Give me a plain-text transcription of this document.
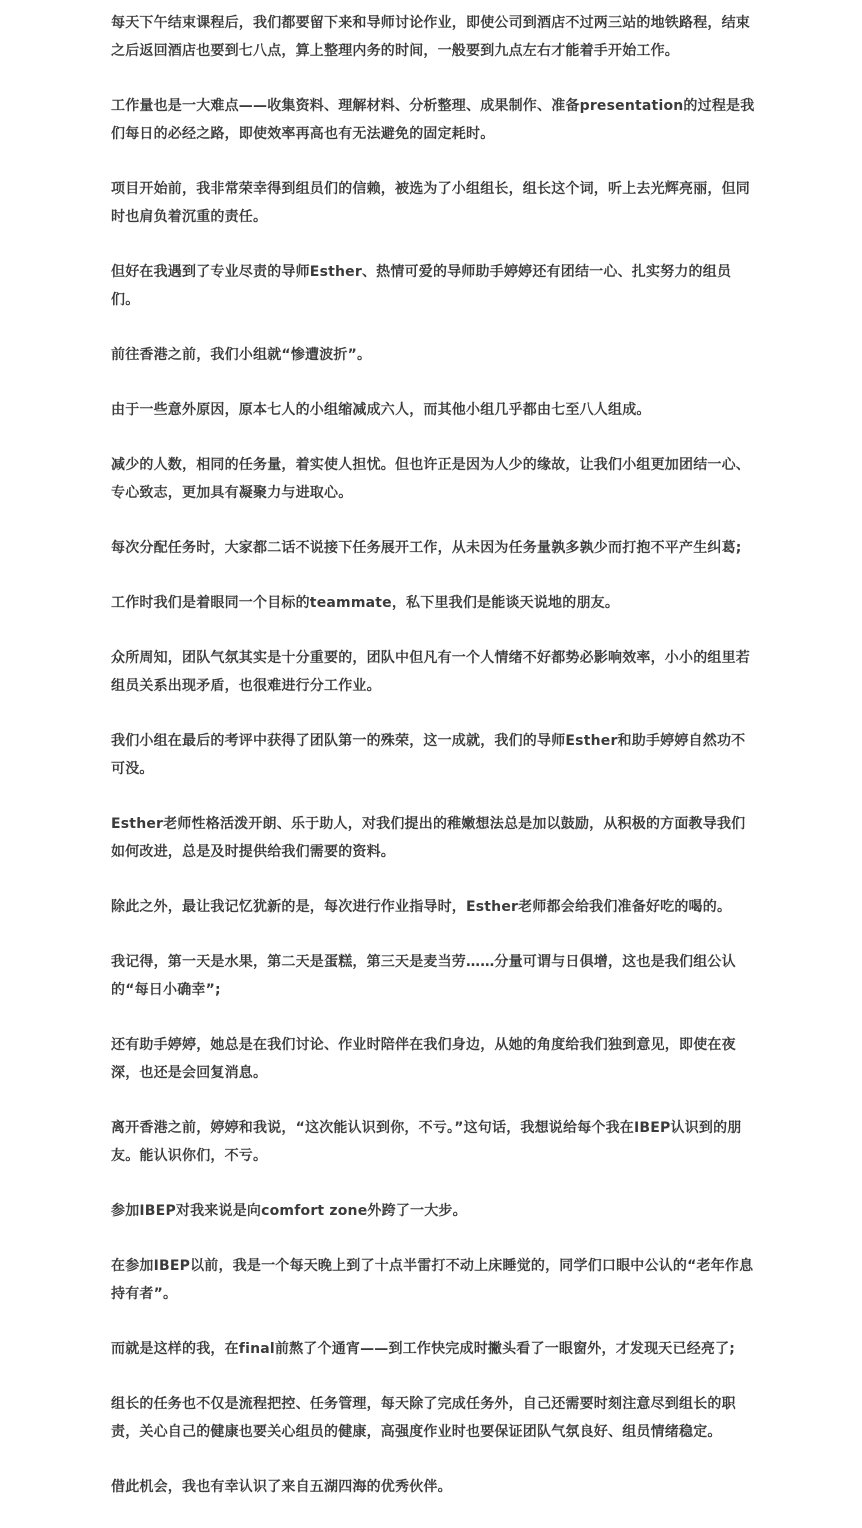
每天下午结束课程后，我们都要留下来和导师讨论作业，即使公司到酒店不过两三站的地铁路程，结束之后返回酒店也要到七八点，算上整理内务的时间，一般要到九点左右才能着手开始工作。

工作量也是一大难点——收集资料、理解材料、分析整理、成果制作、准备presentation的过程是我们每日的必经之路，即使效率再高也有无法避免的固定耗时。

项目开始前，我非常荣幸得到组员们的信赖，被选为了小组组长，组长这个词，听上去光辉亮丽，但同时也肩负着沉重的责任。

但好在我遇到了专业尽责的导师Esther、热情可爱的导师助手婷婷还有团结一心、扎实努力的组员们。

前往香港之前，我们小组就“惨遭波折”。

由于一些意外原因，原本七人的小组缩减成六人，而其他小组几乎都由七至八人组成。

减少的人数，相同的任务量，着实使人担忧。但也许正是因为人少的缘故，让我们小组更加团结一心、专心致志，更加具有凝聚力与进取心。

每次分配任务时，大家都二话不说接下任务展开工作，从未因为任务量孰多孰少而打抱不平产生纠葛;

工作时我们是着眼同一个目标的teammate，私下里我们是能谈天说地的朋友。

众所周知，团队气氛其实是十分重要的，团队中但凡有一个人情绪不好都势必影响效率，小小的组里若组员关系出现矛盾，也很难进行分工作业。

我们小组在最后的考评中获得了团队第一的殊荣，这一成就，我们的导师Esther和助手婷婷自然功不可没。

Esther老师性格活泼开朗、乐于助人，对我们提出的稚嫩想法总是加以鼓励，从积极的方面教导我们如何改进，总是及时提供给我们需要的资料。

除此之外，最让我记忆犹新的是，每次进行作业指导时，Esther老师都会给我们准备好吃的喝的。

我记得，第一天是水果，第二天是蛋糕，第三天是麦当劳……分量可谓与日俱增，这也是我们组公认的“每日小确幸”;

还有助手婷婷，她总是在我们讨论、作业时陪伴在我们身边，从她的角度给我们独到意见，即使在夜深，也还是会回复消息。

离开香港之前，婷婷和我说，“这次能认识到你，不亏。”这句话，我想说给每个我在IBEP认识到的朋友。能认识你们，不亏。

参加IBEP对我来说是向comfort zone外跨了一大步。

在参加IBEP以前，我是一个每天晚上到了十点半雷打不动上床睡觉的，同学们口眼中公认的“老年作息持有者”。

而就是这样的我，在final前熬了个通宵——到工作快完成时撇头看了一眼窗外，才发现天已经亮了;

组长的任务也不仅是流程把控、任务管理，每天除了完成任务外，自己还需要时刻注意尽到组长的职责，关心自己的健康也要关心组员的健康，高强度作业时也要保证团队气氛良好、组员情绪稳定。

借此机会，我也有幸认识了来自五湖四海的优秀伙伴。
